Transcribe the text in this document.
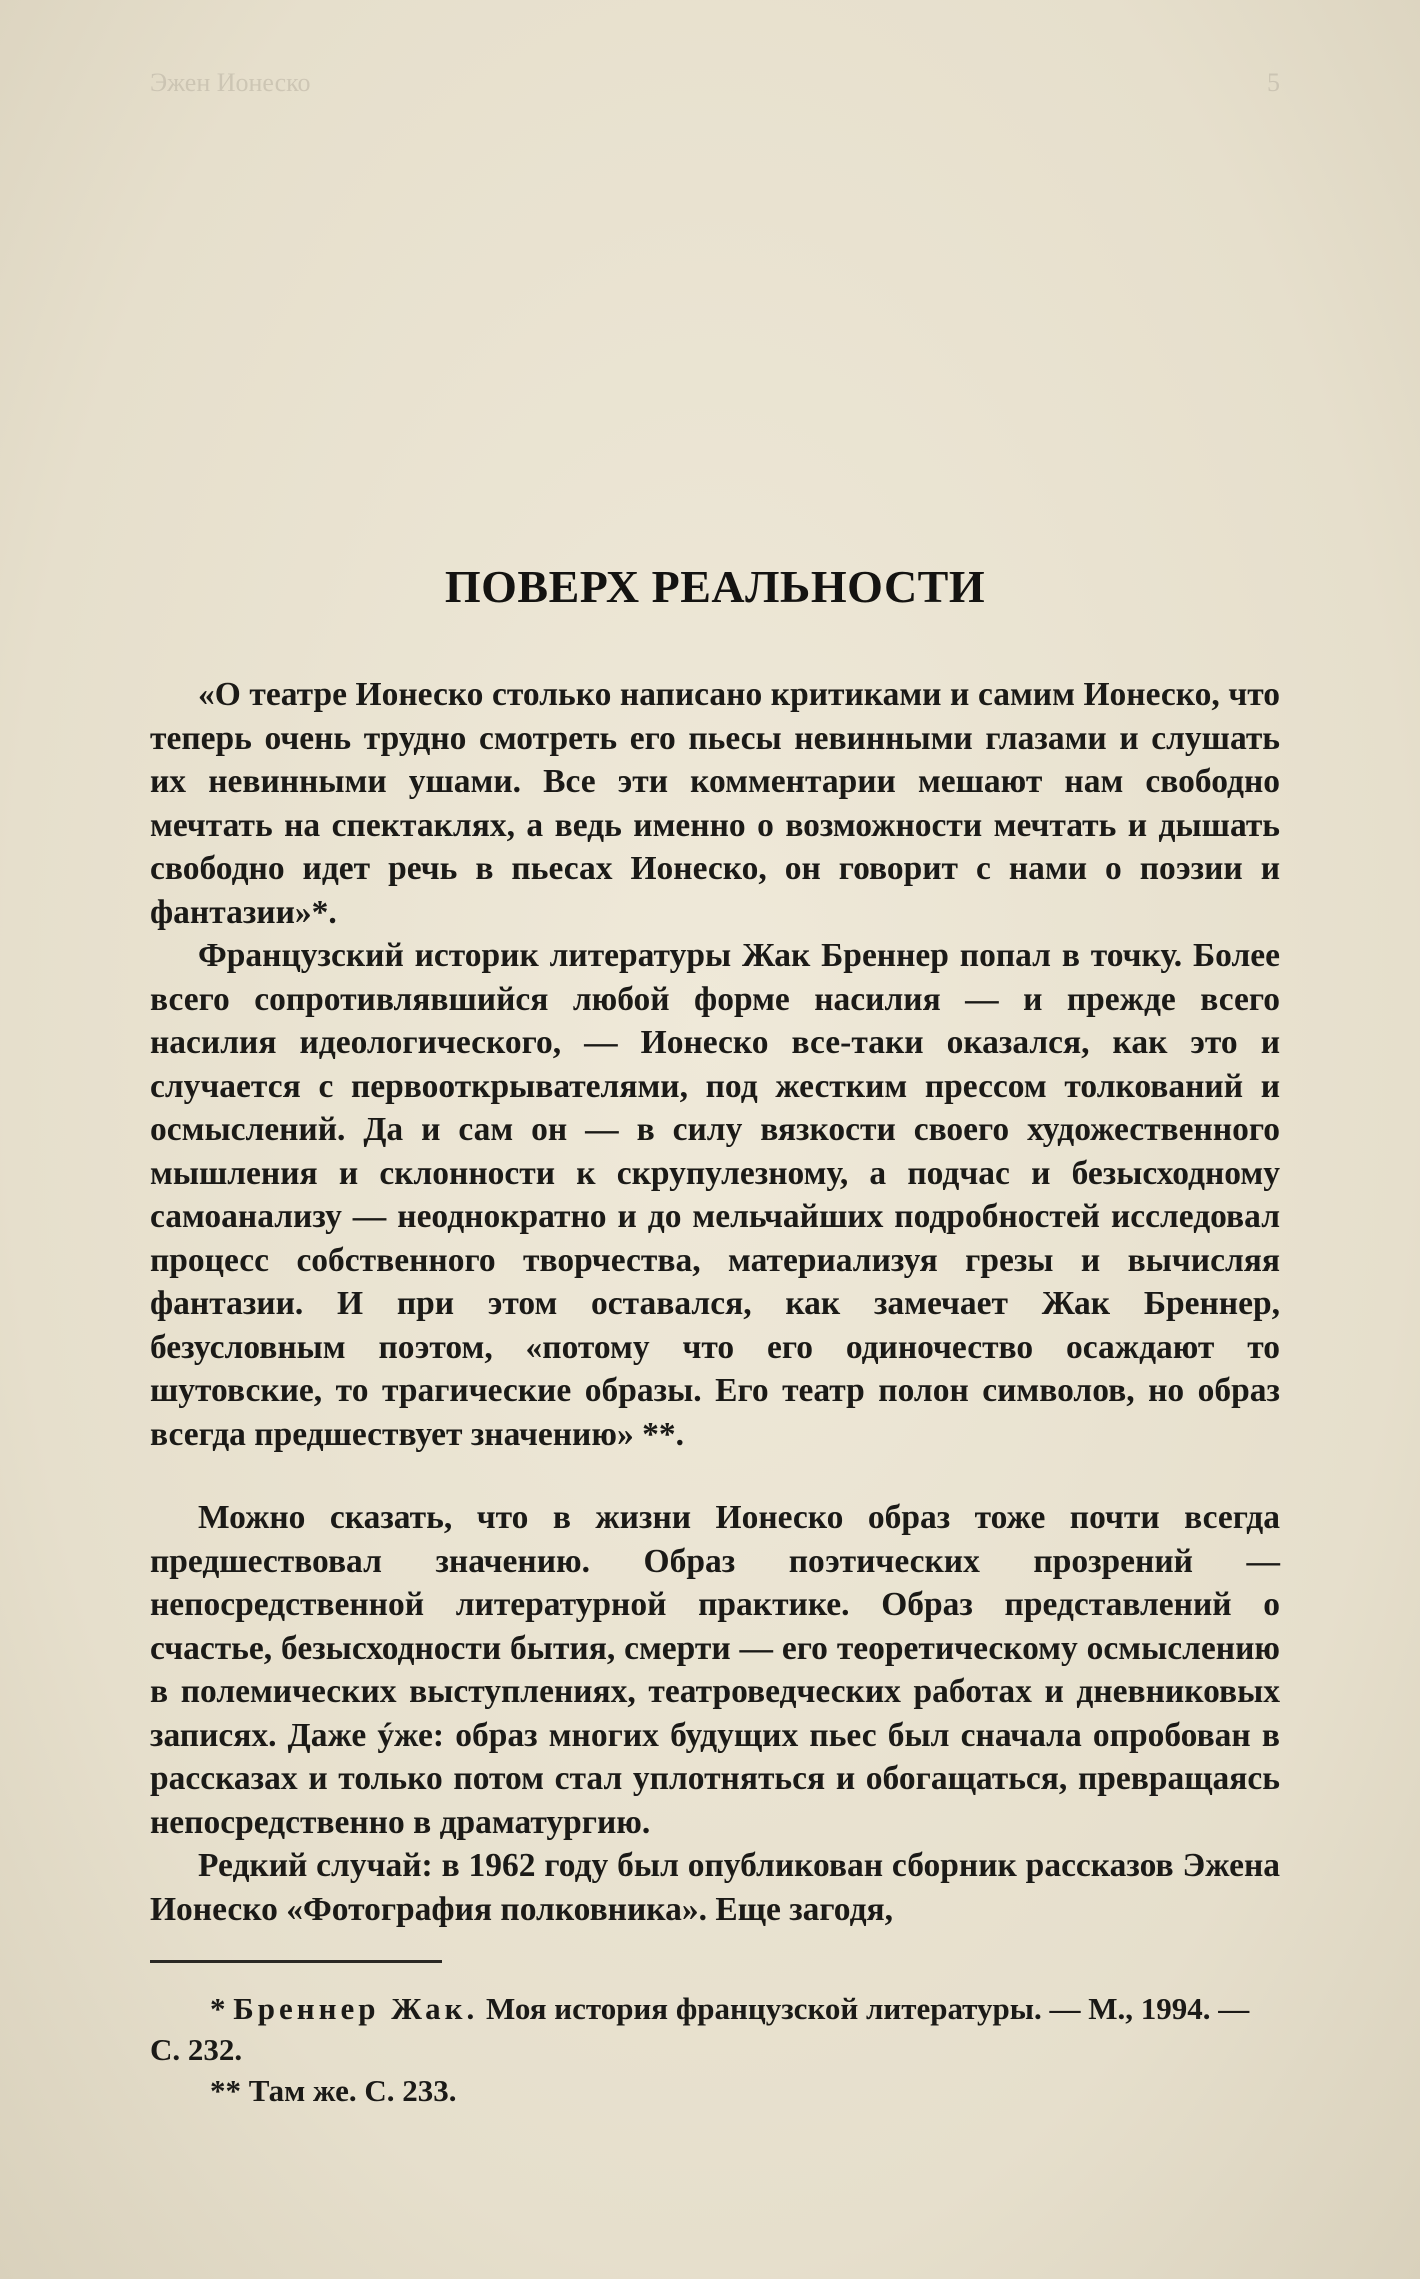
Эжен Ионеско	5
ПОВЕРХ РЕАЛЬНОСТИ

«О театре Ионеско столько написано критиками и самим Ионеско, что теперь очень трудно смотреть его пьесы невинными глазами и слушать их невинными ушами. Все эти комментарии мешают нам свободно мечтать на спектаклях, а ведь именно о возможности мечтать и дышать свободно идет речь в пьесах Ионеско, он говорит с нами о поэзии и фантазии»*.

Французский историк литературы Жак Бреннер попал в точку. Более всего сопротивлявшийся любой форме насилия — и прежде всего насилия идеологического, — Ионеско все-таки оказался, как это и случается с первооткрывателями, под жестким прессом толкований и осмыслений. Да и сам он — в силу вязкости своего художественного мышления и склонности к скрупулезному, а подчас и безысходному самоанализу — неоднократно и до мельчайших подробностей исследовал процесс собственного творчества, материализуя грезы и вычисляя фантазии. И при этом оставался, как замечает Жак Бреннер, безусловным поэтом, «потому что его одиночество осаждают то шутовские, то трагические образы. Его театр полон символов, но образ всегда предшествует значению» **.

Можно сказать, что в жизни Ионеско образ тоже почти всегда предшествовал значению. Образ поэтических прозрений — непосредственной литературной практике. Образ представлений о счастье, безысходности бытия, смерти — его теоретическому осмыслению в полемических выступлениях, театроведческих работах и дневниковых записях. Даже ýже: образ многих будущих пьес был сначала опробован в рассказах и только потом стал уплотняться и обогащаться, превращаясь непосредственно в драматургию.

Редкий случай: в 1962 году был опубликован сборник рассказов Эжена Ионеско «Фотография полковника». Еще загодя,

* Бреннер Жак. Моя история французской литературы. — М., 1994. — С. 232.
** Там же. С. 233.
